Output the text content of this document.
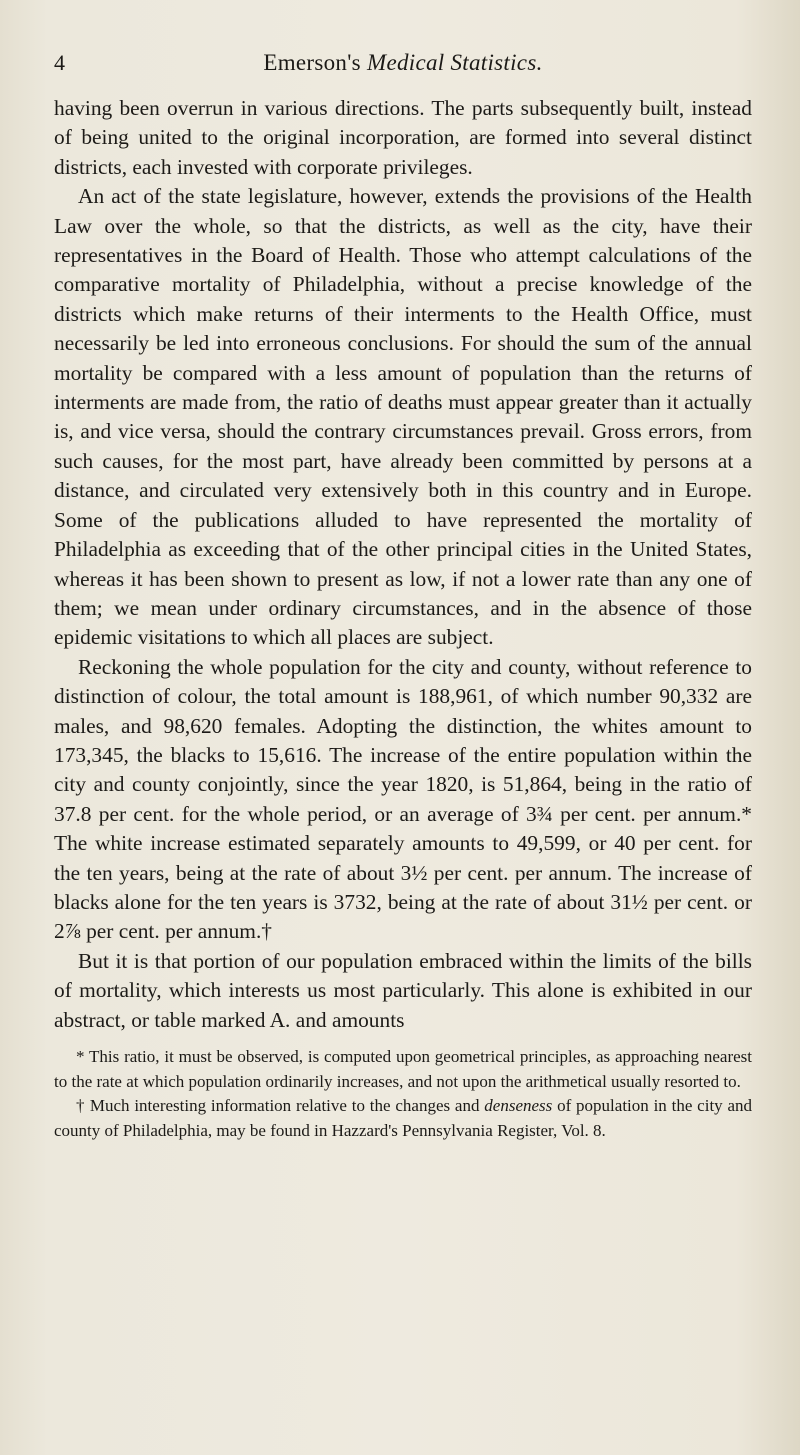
4	Emerson's Medical Statistics.

having been overrun in various directions. The parts subsequently built, instead of being united to the original incorporation, are formed into several distinct districts, each invested with corporate privileges.

An act of the state legislature, however, extends the provisions of the Health Law over the whole, so that the districts, as well as the city, have their representatives in the Board of Health. Those who attempt calculations of the comparative mortality of Philadelphia, without a precise knowledge of the districts which make returns of their interments to the Health Office, must necessarily be led into erroneous conclusions. For should the sum of the annual mortality be compared with a less amount of population than the returns of interments are made from, the ratio of deaths must appear greater than it actually is, and vice versa, should the contrary circumstances prevail. Gross errors, from such causes, for the most part, have already been committed by persons at a distance, and circulated very extensively both in this country and in Europe. Some of the publications alluded to have represented the mortality of Philadelphia as exceeding that of the other principal cities in the United States, whereas it has been shown to present as low, if not a lower rate than any one of them; we mean under ordinary circumstances, and in the absence of those epidemic visitations to which all places are subject.

Reckoning the whole population for the city and county, without reference to distinction of colour, the total amount is 188,961, of which number 90,332 are males, and 98,620 females. Adopting the distinction, the whites amount to 173,345, the blacks to 15,616. The increase of the entire population within the city and county conjointly, since the year 1820, is 51,864, being in the ratio of 37.8 per cent. for the whole period, or an average of 3¾ per cent. per annum.* The white increase estimated separately amounts to 49,599, or 40 per cent. for the ten years, being at the rate of about 3½ per cent. per annum. The increase of blacks alone for the ten years is 3732, being at the rate of about 31½ per cent. or 2⅞ per cent. per annum.†

But it is that portion of our population embraced within the limits of the bills of mortality, which interests us most particularly. This alone is exhibited in our abstract, or table marked A. and amounts

* This ratio, it must be observed, is computed upon geometrical principles, as approaching nearest to the rate at which population ordinarily increases, and not upon the arithmetical usually resorted to.

† Much interesting information relative to the changes and denseness of population in the city and county of Philadelphia, may be found in Hazzard's Pennsylvania Register, Vol. 8.
